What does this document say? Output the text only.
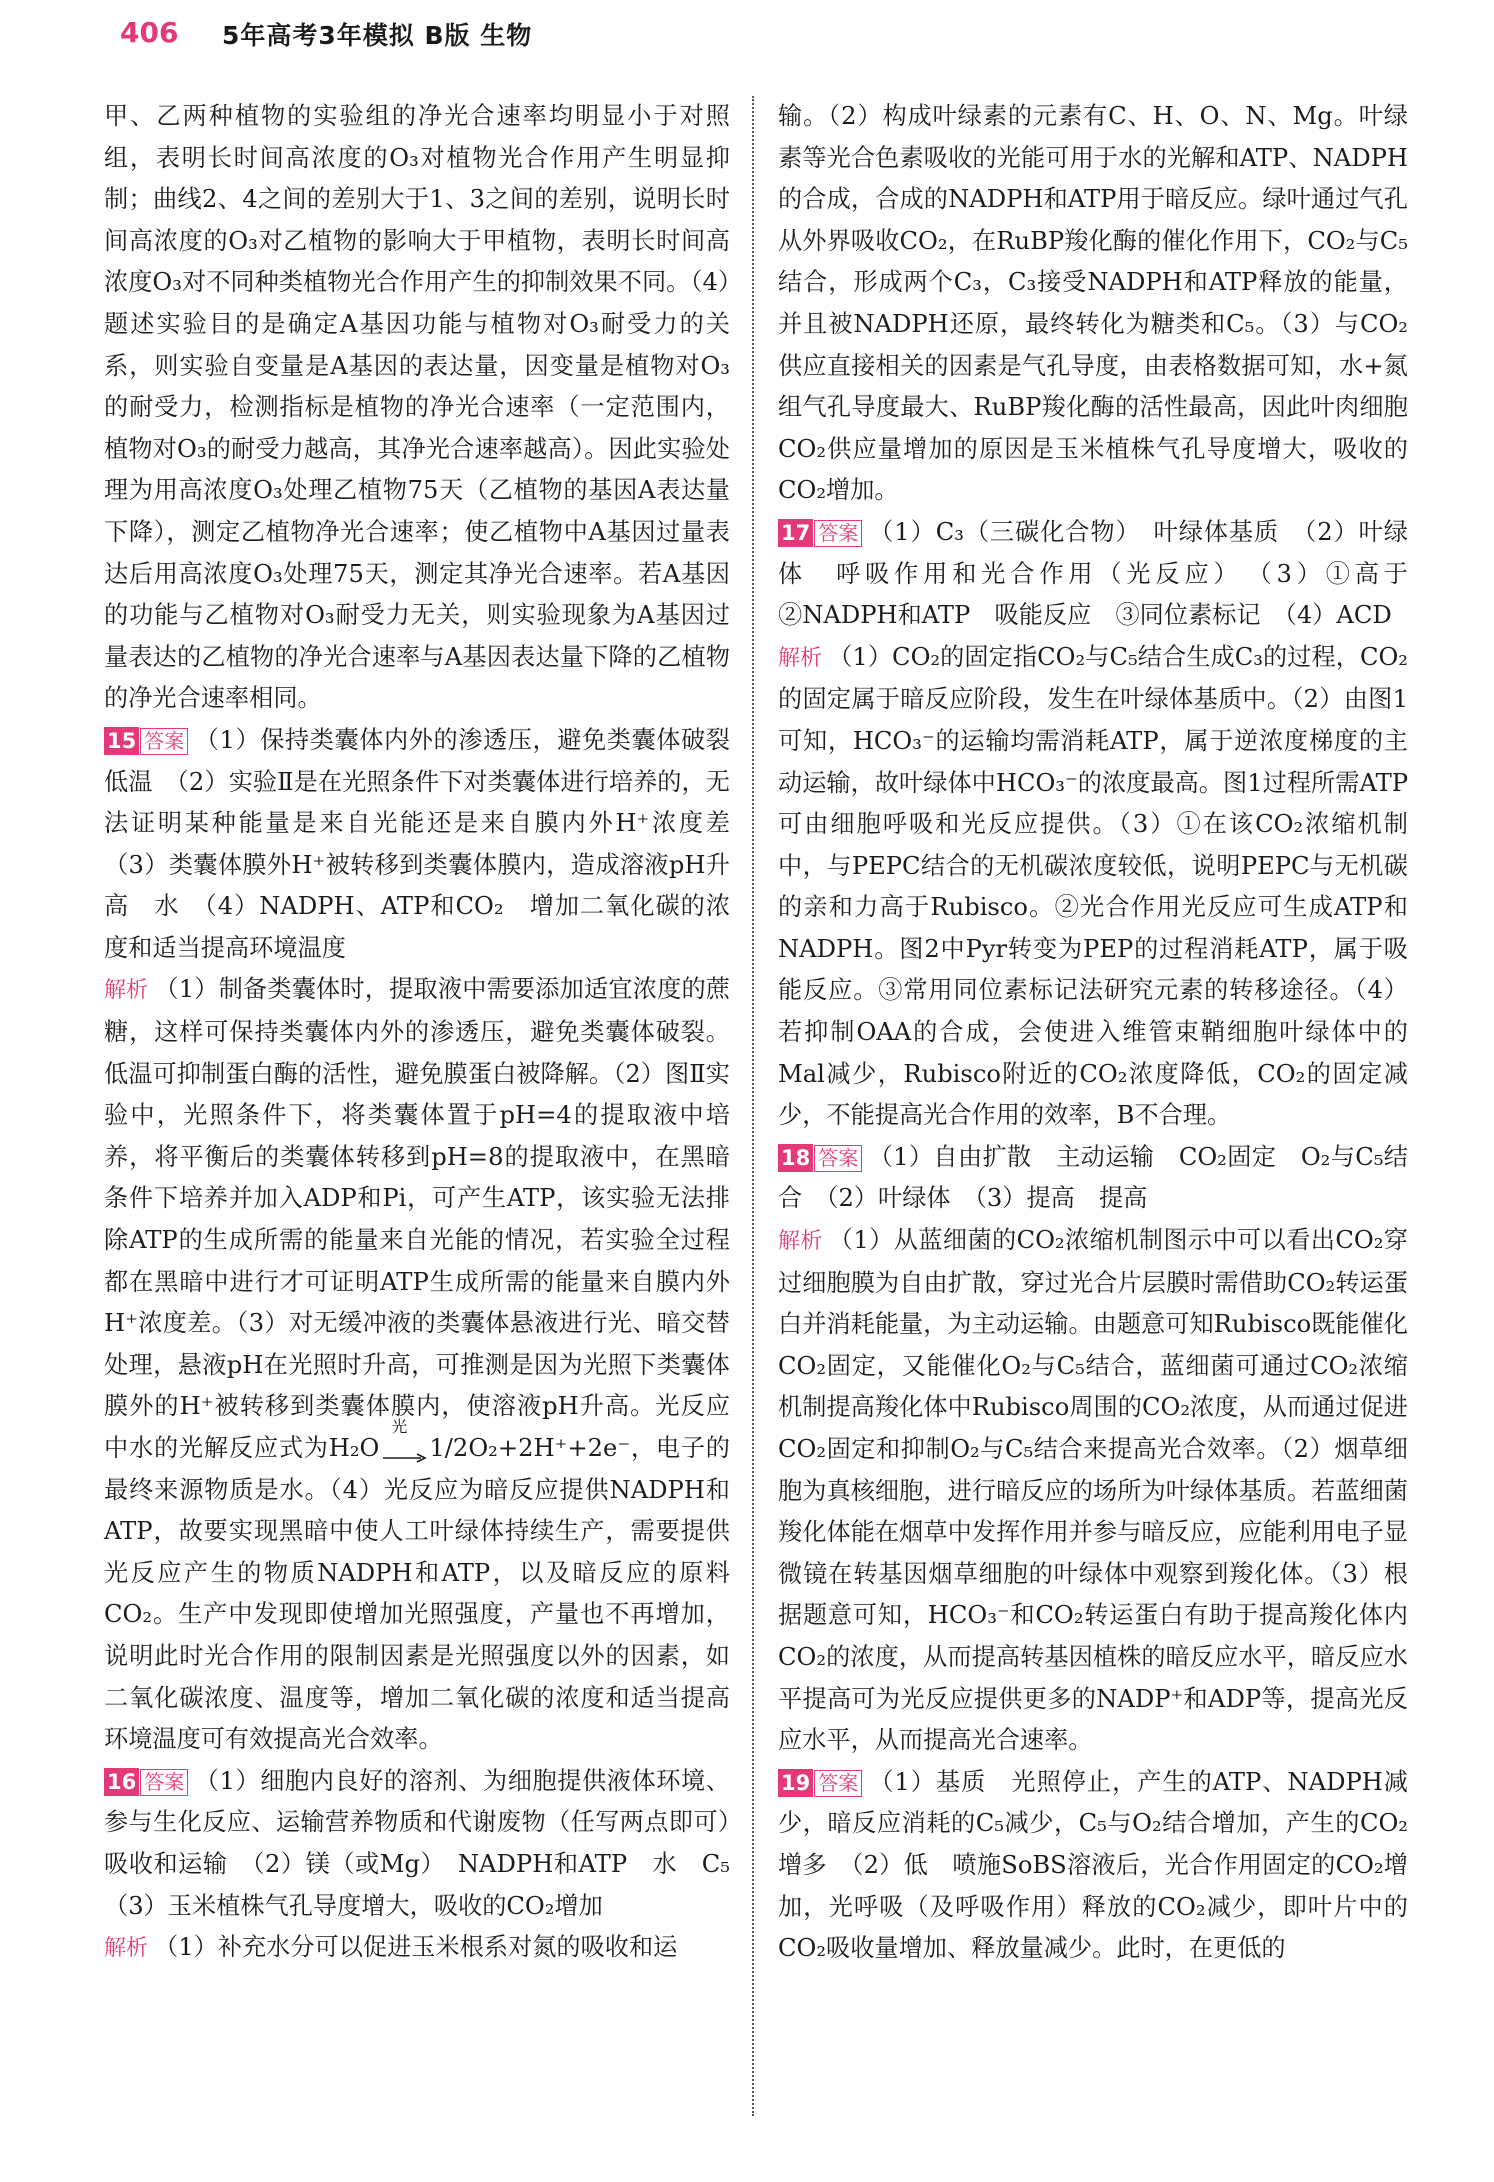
406 5年高考3年模拟 B版 生物

甲、乙两种植物的实验组的净光合速率均明显小于对照组，表明长时间高浓度的O₃对植物光合作用产生明显抑制；曲线2、4之间的差别大于1、3之间的差别，说明长时间高浓度的O₃对乙植物的影响大于甲植物，表明长时间高浓度O₃对不同种类植物光合作用产生的抑制效果不同。（4）题述实验目的是确定A基因功能与植物对O₃耐受力的关系，则实验自变量是A基因的表达量，因变量是植物对O₃的耐受力，检测指标是植物的净光合速率（一定范围内，植物对O₃的耐受力越高，其净光合速率越高）。因此实验处理为用高浓度O₃处理乙植物75天（乙植物的基因A表达量下降），测定乙植物净光合速率；使乙植物中A基因过量表达后用高浓度O₃处理75天，测定其净光合速率。若A基因的功能与乙植物对O₃耐受力无关，则实验现象为A基因过量表达的乙植物的净光合速率与A基因表达量下降的乙植物的净光合速率相同。

15 答案 （1）保持类囊体内外的渗透压，避免类囊体破裂　低温　（2）实验Ⅱ是在光照条件下对类囊体进行培养的，无法证明某种能量是来自光能还是来自膜内外H⁺浓度差　（3）类囊体膜外H⁺被转移到类囊体膜内，造成溶液pH升高　水　（4）NADPH、ATP和CO₂　增加二氧化碳的浓度和适当提高环境温度

解析 （1）制备类囊体时，提取液中需要添加适宜浓度的蔗糖，这样可保持类囊体内外的渗透压，避免类囊体破裂。低温可抑制蛋白酶的活性，避免膜蛋白被降解。（2）图Ⅱ实验中，光照条件下，将类囊体置于pH=4的提取液中培养，将平衡后的类囊体转移到pH=8的提取液中，在黑暗条件下培养并加入ADP和Pi，可产生ATP，该实验无法排除ATP的生成所需的能量来自光能的情况，若实验全过程都在黑暗中进行才可证明ATP生成所需的能量来自膜内外H⁺浓度差。（3）对无缓冲液的类囊体悬液进行光、暗交替处理，悬液pH在光照时升高，可推测是因为光照下类囊体膜外的H⁺被转移到类囊体膜内，使溶液pH升高。光反应中水的光解反应式为H₂O
光
1/2O₂+2H⁺+2e⁻，电子的最终来源物质是水。（4）光反应为暗反应提供NADPH和ATP，故要实现黑暗中使人工叶绿体持续生产，需要提供光反应产生的物质NADPH和ATP，以及暗反应的原料CO₂。生产中发现即使增加光照强度，产量也不再增加，说明此时光合作用的限制因素是光照强度以外的因素，如二氧化碳浓度、温度等，增加二氧化碳的浓度和适当提高环境温度可有效提高光合效率。

16 答案 （1）细胞内良好的溶剂、为细胞提供液体环境、参与生化反应、运输营养物质和代谢废物（任写两点即可）　吸收和运输　（2）镁（或Mg）　NADPH和ATP　水　C₅　（3）玉米植株气孔导度增大，吸收的CO₂增加

解析 （1）补充水分可以促进玉米根系对氮的吸收和运

输。（2）构成叶绿素的元素有C、H、O、N、Mg。叶绿素等光合色素吸收的光能可用于水的光解和ATP、NADPH的合成，合成的NADPH和ATP用于暗反应。绿叶通过气孔从外界吸收CO₂，在RuBP羧化酶的催化作用下，CO₂与C₅结合，形成两个C₃，C₃接受NADPH和ATP释放的能量，并且被NADPH还原，最终转化为糖类和C₅。（3）与CO₂供应直接相关的因素是气孔导度，由表格数据可知，水+氮组气孔导度最大、RuBP羧化酶的活性最高，因此叶肉细胞CO₂供应量增加的原因是玉米植株气孔导度增大，吸收的CO₂增加。

17 答案 （1）C₃（三碳化合物）　叶绿体基质　（2）叶绿体　呼吸作用和光合作用（光反应）　（3）①高于　②NADPH和ATP　吸能反应　③同位素标记　（4）ACD

解析 （1）CO₂的固定指CO₂与C₅结合生成C₃的过程，CO₂的固定属于暗反应阶段，发生在叶绿体基质中。（2）由图1可知，HCO₃⁻的运输均需消耗ATP，属于逆浓度梯度的主动运输，故叶绿体中HCO₃⁻的浓度最高。图1过程所需ATP可由细胞呼吸和光反应提供。（3）①在该CO₂浓缩机制中，与PEPC结合的无机碳浓度较低，说明PEPC与无机碳的亲和力高于Rubisco。②光合作用光反应可生成ATP和NADPH。图2中Pyr转变为PEP的过程消耗ATP，属于吸能反应。③常用同位素标记法研究元素的转移途径。（4）若抑制OAA的合成，会使进入维管束鞘细胞叶绿体中的Mal减少，Rubisco附近的CO₂浓度降低，CO₂的固定减少，不能提高光合作用的效率，B不合理。

18 答案 （1）自由扩散　主动运输　CO₂固定　O₂与C₅结合　（2）叶绿体　（3）提高　提高

解析 （1）从蓝细菌的CO₂浓缩机制图示中可以看出CO₂穿过细胞膜为自由扩散，穿过光合片层膜时需借助CO₂转运蛋白并消耗能量，为主动运输。由题意可知Rubisco既能催化CO₂固定，又能催化O₂与C₅结合，蓝细菌可通过CO₂浓缩机制提高羧化体中Rubisco周围的CO₂浓度，从而通过促进CO₂固定和抑制O₂与C₅结合来提高光合效率。（2）烟草细胞为真核细胞，进行暗反应的场所为叶绿体基质。若蓝细菌羧化体能在烟草中发挥作用并参与暗反应，应能利用电子显微镜在转基因烟草细胞的叶绿体中观察到羧化体。（3）根据题意可知，HCO₃⁻和CO₂转运蛋白有助于提高羧化体内CO₂的浓度，从而提高转基因植株的暗反应水平，暗反应水平提高可为光反应提供更多的NADP⁺和ADP等，提高光反应水平，从而提高光合速率。

19 答案 （1）基质　光照停止，产生的ATP、NADPH减少，暗反应消耗的C₅减少，C₅与O₂结合增加，产生的CO₂增多　（2）低　喷施SoBS溶液后，光合作用固定的CO₂增加，光呼吸（及呼吸作用）释放的CO₂减少，即叶片中的CO₂吸收量增加、释放量减少。此时，在更低的
